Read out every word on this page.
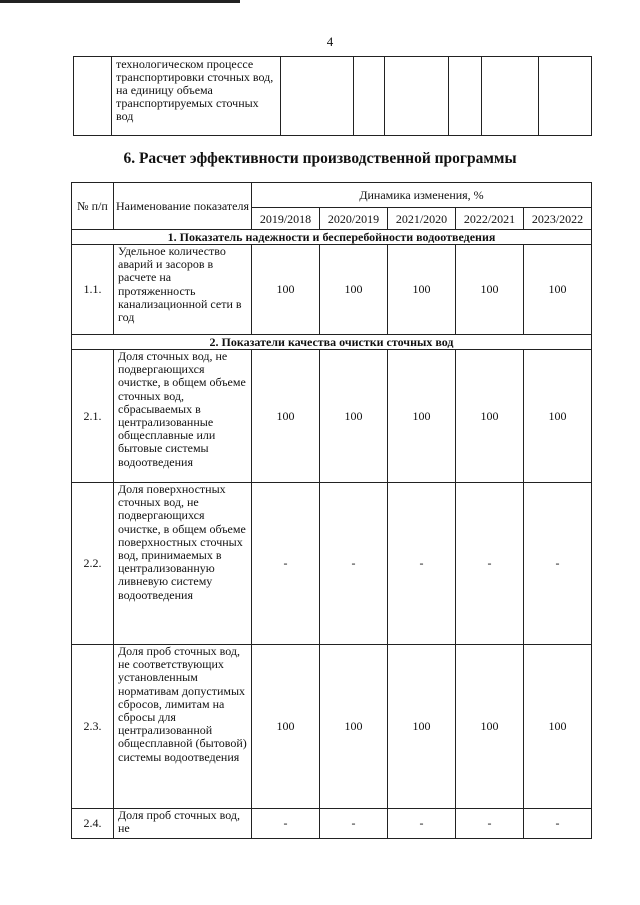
4
	технологическом процессе транспортировки сточных вод, на единицу объема транспортируемых сточных вод						
6. Расчет эффективности производственной программы
№ п/п	Наименование показателя	Динамика изменения, %				
		2019/2018	2020/2019	2021/2020	2022/2021	2023/2022
1. Показатель надежности и бесперебойности водоотведения						
1.1.	Удельное количество аварий и засоров в расчете на протяженность канализационной сети в год	100	100	100	100	100
2. Показатели качества очистки сточных вод						
2.1.	Доля сточных вод, не подвергающихся очистке, в общем объеме сточных вод, сбрасываемых в централизованные общесплавные или бытовые системы водоотведения	100	100	100	100	100
2.2.	Доля поверхностных сточных вод, не подвергающихся очистке, в общем объеме поверхностных сточных вод, принимаемых в централизованную ливневую систему водоотведения	-	-	-	-	-
2.3.	Доля проб сточных вод, не соответствующих установленным нормативам допустимых сбросов, лимитам на сбросы для централизованной общесплавной (бытовой) системы водоотведения	100	100	100	100	100
2.4.	Доля проб сточных вод, не	-	-	-	-	-
